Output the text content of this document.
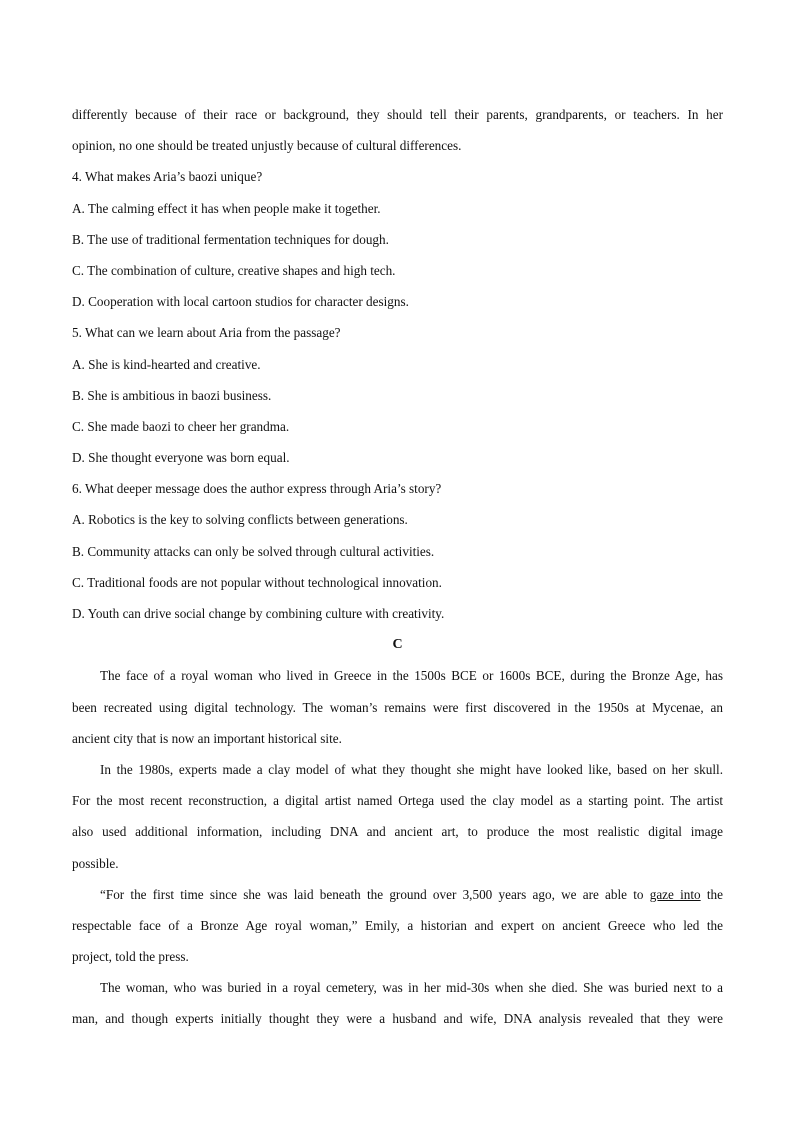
differently because of their race or background, they should tell their parents, grandparents, or teachers. In her
opinion, no one should be treated unjustly because of cultural differences.
4. What makes Aria’s baozi unique?
A. The calming effect it has when people make it together.
B. The use of traditional fermentation techniques for dough.
C. The combination of culture, creative shapes and high tech.
D. Cooperation with local cartoon studios for character designs.
5. What can we learn about Aria from the passage?
A. She is kind-hearted and creative.
B. She is ambitious in baozi business.
C. She made baozi to cheer her grandma.
D. She thought everyone was born equal.
6. What deeper message does the author express through Aria’s story?
A. Robotics is the key to solving conflicts between generations.
B. Community attacks can only be solved through cultural activities.
C. Traditional foods are not popular without technological innovation.
D. Youth can drive social change by combining culture with creativity.
C
The face of a royal woman who lived in Greece in the 1500s BCE or 1600s BCE, during the Bronze Age, has
been recreated using digital technology. The woman’s remains were first discovered in the 1950s at Mycenae, an
ancient city that is now an important historical site.
In the 1980s, experts made a clay model of what they thought she might have looked like, based on her skull.
For the most recent reconstruction, a digital artist named Ortega used the clay model as a starting point. The artist
also used additional information, including DNA and ancient art, to produce the most realistic digital image
possible.
“For the first time since she was laid beneath the ground over 3,500 years ago, we are able to gaze into the
respectable face of a Bronze Age royal woman,” Emily, a historian and expert on ancient Greece who led the
project, told the press.
The woman, who was buried in a royal cemetery, was in her mid-30s when she died. She was buried next to a
man, and though experts initially thought they were a husband and wife, DNA analysis revealed that they were
